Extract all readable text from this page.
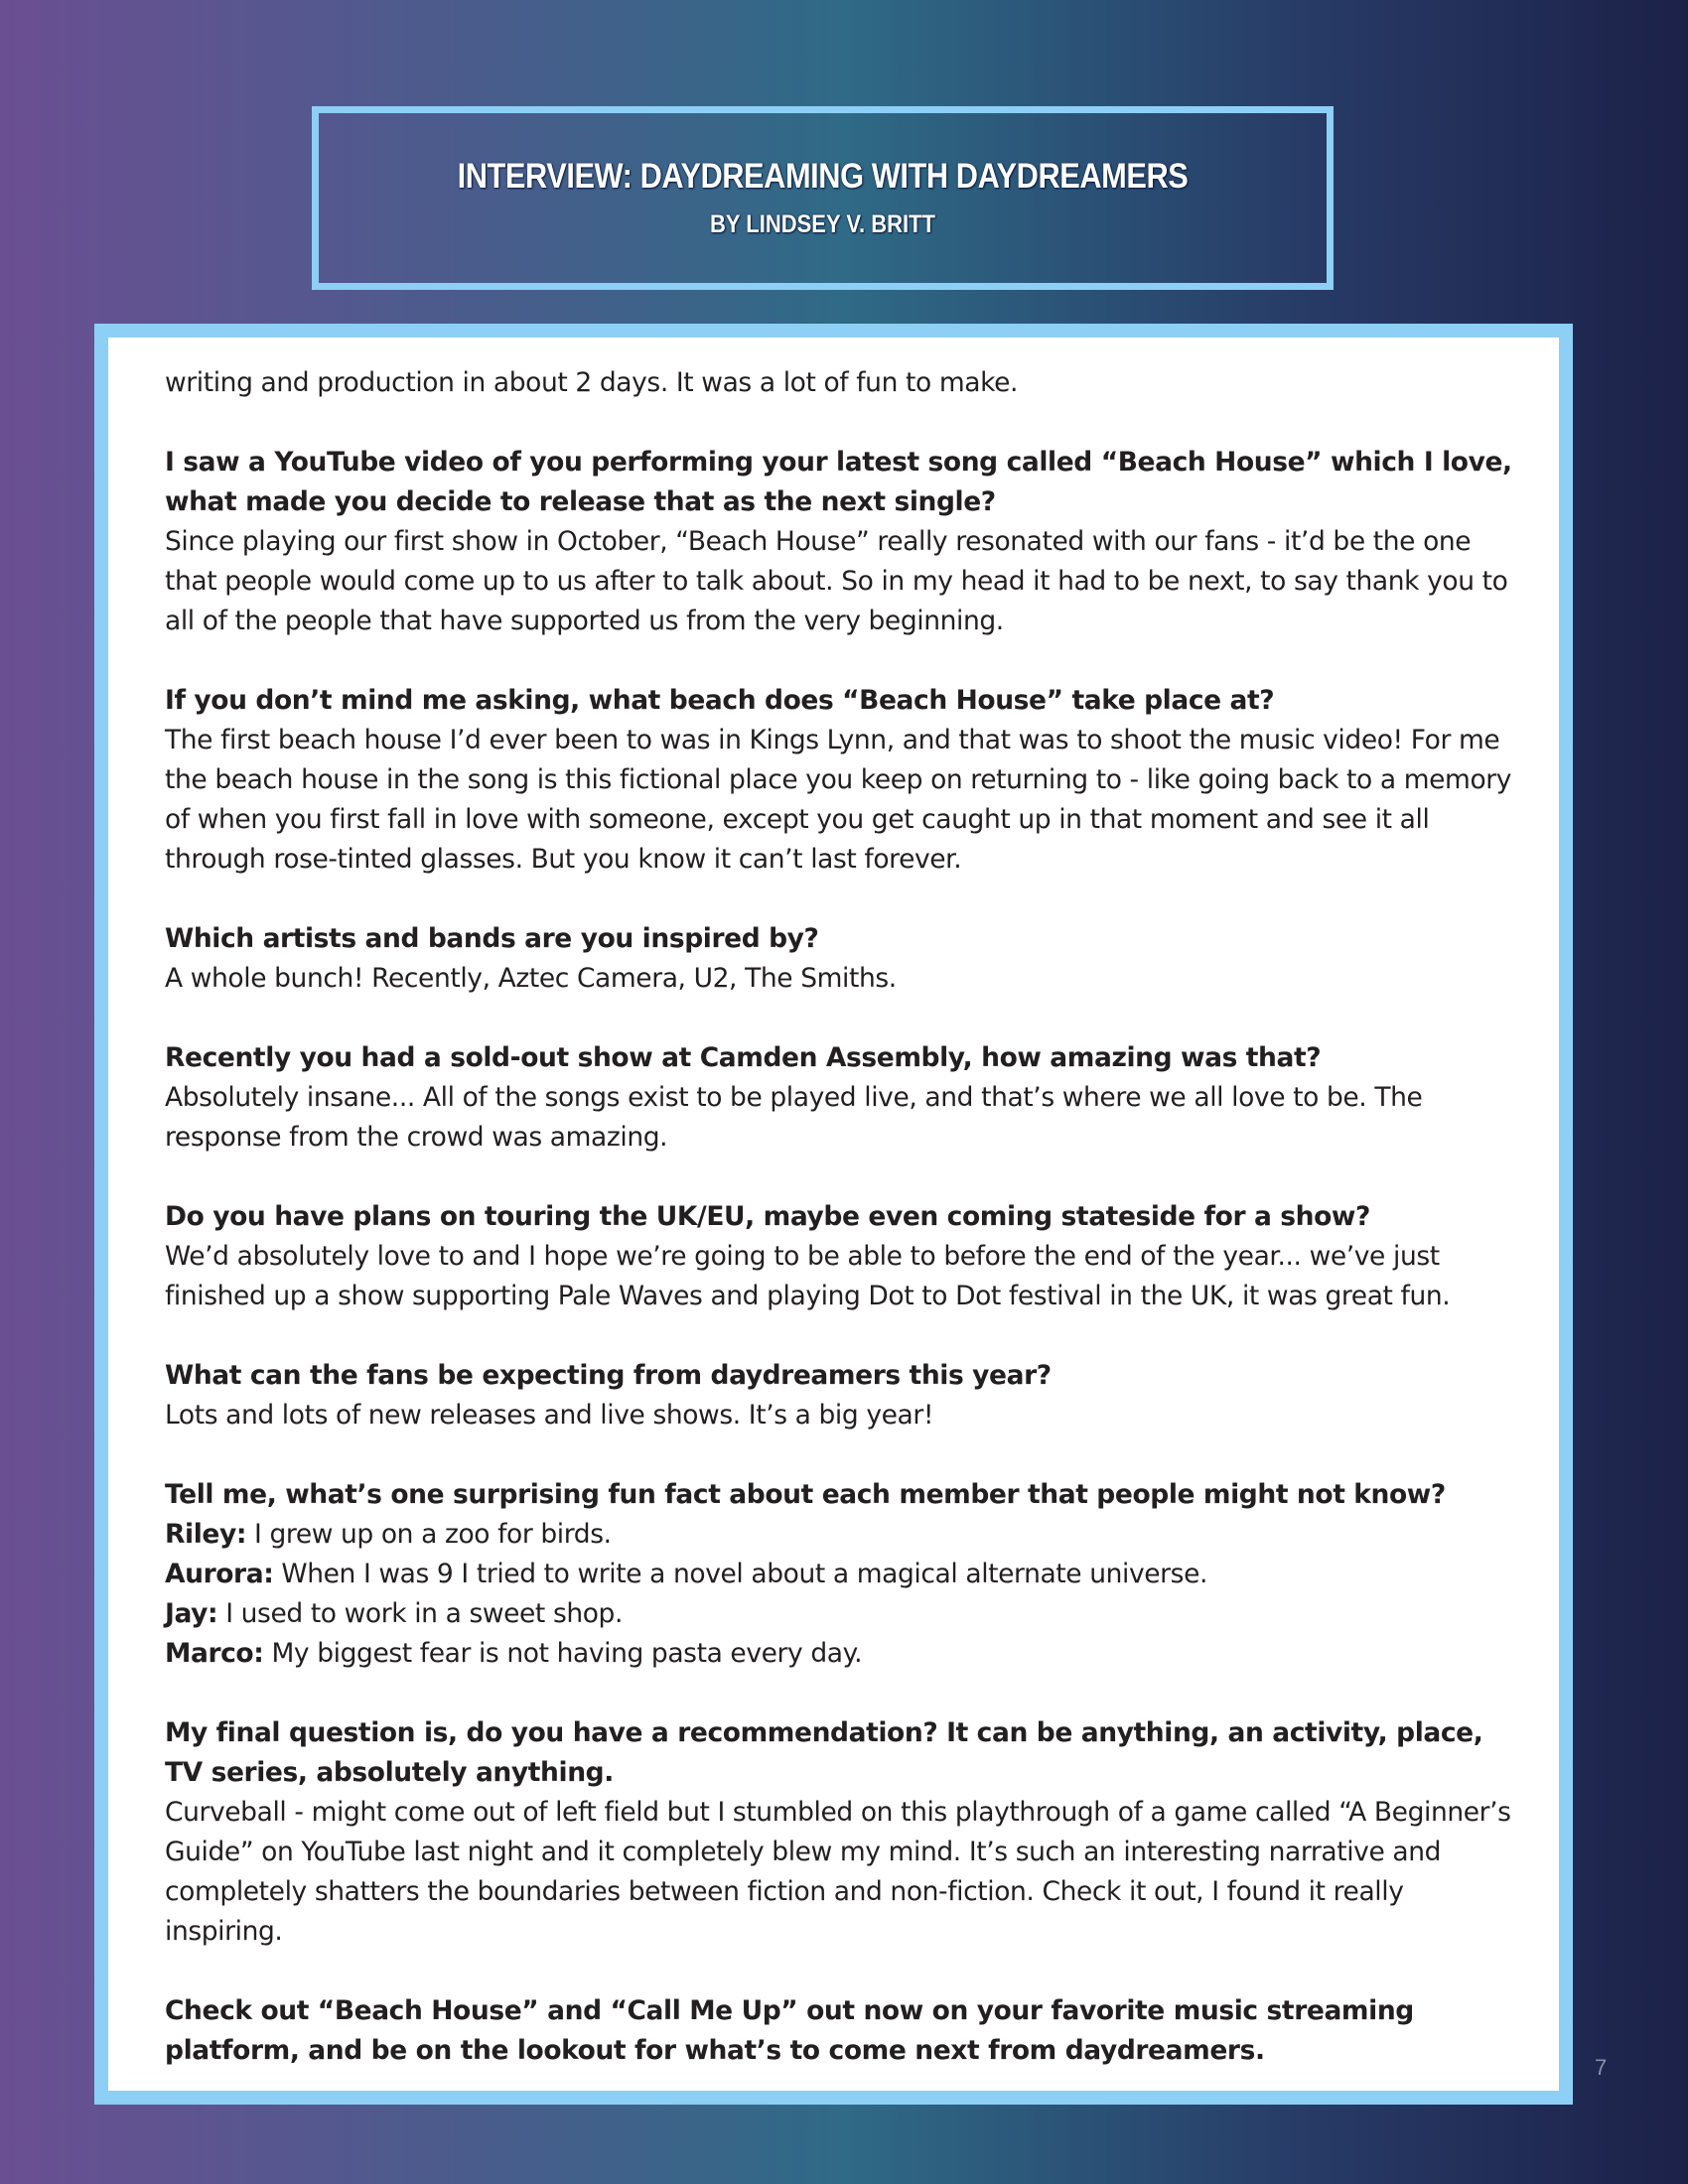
INTERVIEW: DAYDREAMING WITH DAYDREAMERS
BY LINDSEY V. BRITT

writing and production in about 2 days. It was a lot of fun to make.

I saw a YouTube video of you performing your latest song called “Beach House” which I love, what made you decide to release that as the next single?
Since playing our first show in October, “Beach House” really resonated with our fans - it’d be the one that people would come up to us after to talk about. So in my head it had to be next, to say thank you to all of the people that have supported us from the very beginning.

If you don’t mind me asking, what beach does “Beach House” take place at?
The first beach house I’d ever been to was in Kings Lynn, and that was to shoot the music video! For me the beach house in the song is this fictional place you keep on returning to - like going back to a memory of when you first fall in love with someone, except you get caught up in that moment and see it all through rose-tinted glasses. But you know it can’t last forever.

Which artists and bands are you inspired by?
A whole bunch! Recently, Aztec Camera, U2, The Smiths.

Recently you had a sold-out show at Camden Assembly, how amazing was that?
Absolutely insane... All of the songs exist to be played live, and that’s where we all love to be. The response from the crowd was amazing.

Do you have plans on touring the UK/EU, maybe even coming stateside for a show?
We’d absolutely love to and I hope we’re going to be able to before the end of the year... we’ve just finished up a show supporting Pale Waves and playing Dot to Dot festival in the UK, it was great fun.

What can the fans be expecting from daydreamers this year?
Lots and lots of new releases and live shows. It’s a big year!

Tell me, what’s one surprising fun fact about each member that people might not know?
Riley: I grew up on a zoo for birds.
Aurora: When I was 9 I tried to write a novel about a magical alternate universe.
Jay: I used to work in a sweet shop.
Marco: My biggest fear is not having pasta every day.

My final question is, do you have a recommendation? It can be anything, an activity, place, TV series, absolutely anything.
Curveball - might come out of left field but I stumbled on this playthrough of a game called “A Beginner’s Guide” on YouTube last night and it completely blew my mind. It’s such an interesting narrative and completely shatters the boundaries between fiction and non-fiction. Check it out, I found it really inspiring.

Check out “Beach House” and “Call Me Up” out now on your favorite music streaming platform, and be on the lookout for what’s to come next from daydreamers.

7
